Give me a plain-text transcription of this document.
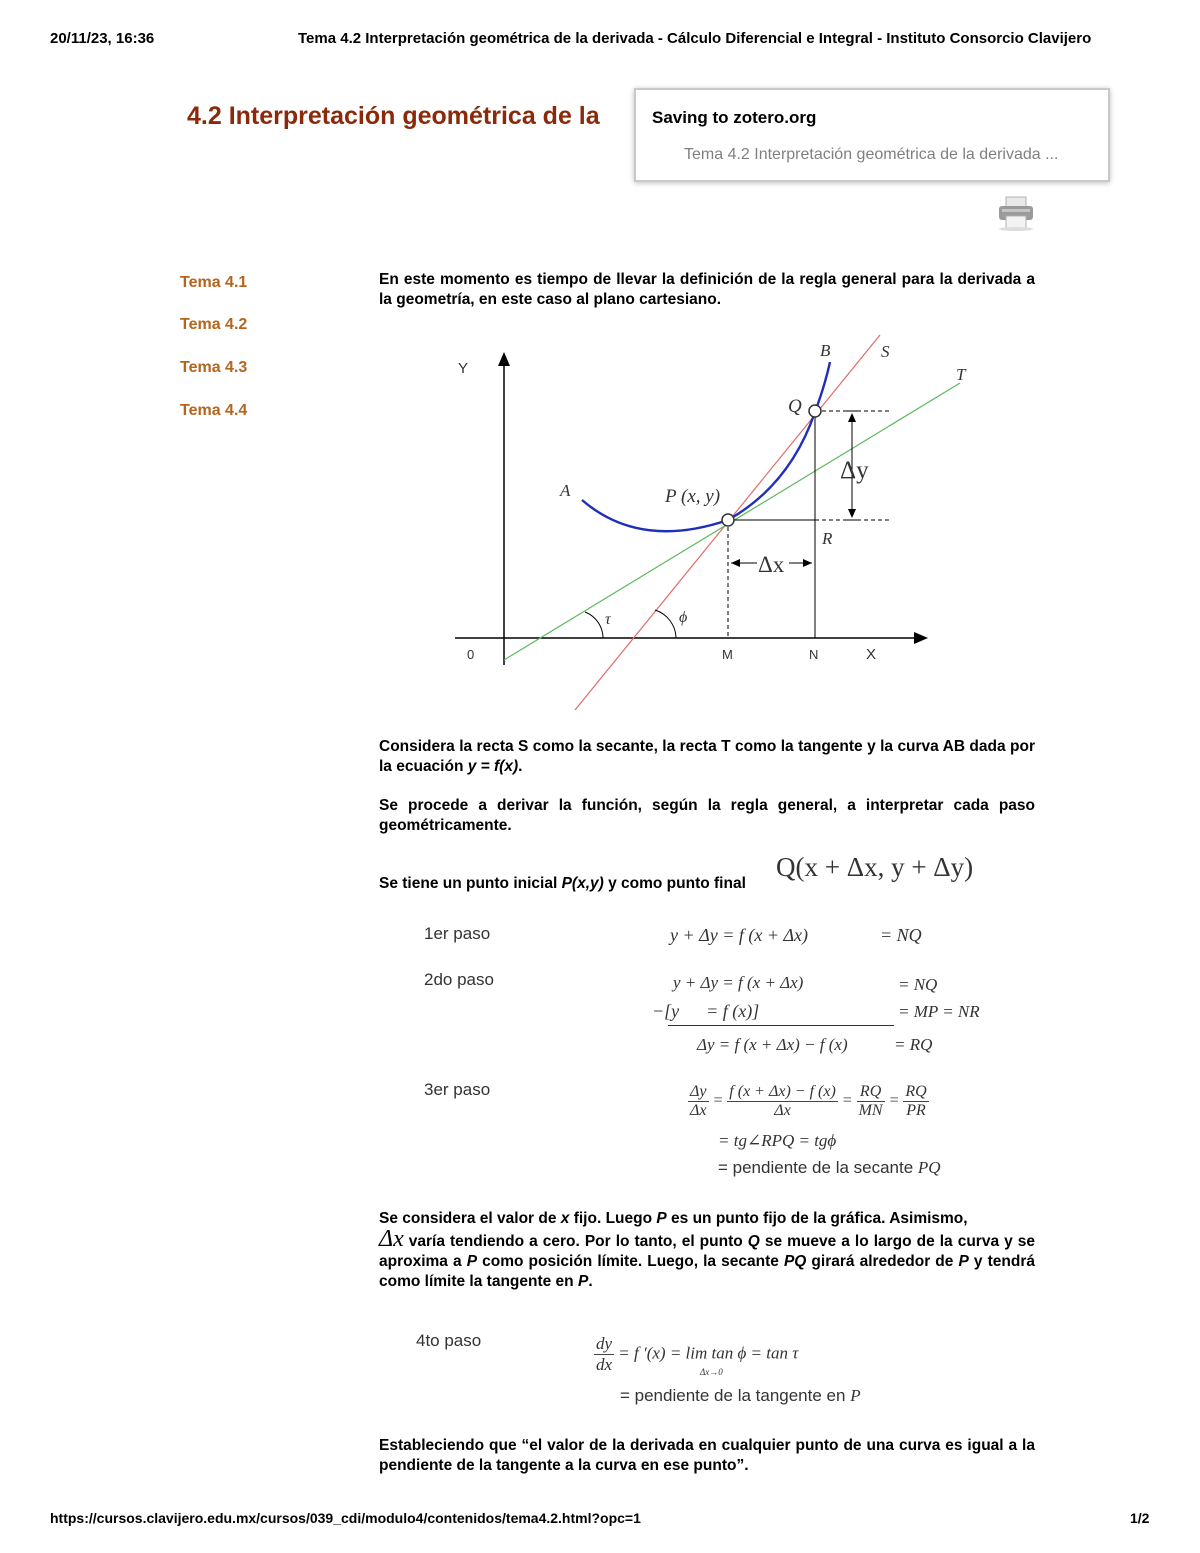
20/11/23, 16:36	Tema 4.2 Interpretación geométrica de la derivada - Cálculo Diferencial e Integral - Instituto Consorcio Clavijero
4.2 Interpretación geométrica de la	Saving to zotero.org
Tema 4.2 Interpretación geométrica de la derivada ...
Tema 4.1
Tema 4.2
Tema 4.3
Tema 4.4
En este momento es tiempo de llevar la definición de la regla general para la derivada a la geometría, en este caso al plano cartesiano.
Y
X
0	M	N
A
B	S
T
Q
R
P (x, y)
τ	ϕ
Δy
Δx
Considera la recta S como la secante, la recta T como la tangente y la curva AB dada por la ecuación y = f(x).
Se procede a derivar la función, según la regla general, a interpretar cada paso geométricamente.
Se tiene un punto inicial P(x,y) y como punto final
Q(x + Δx, y + Δy)
1er paso	y + Δy = f (x + Δx)	= NQ
2do paso	y + Δy = f (x + Δx)	= NQ
−[y      = f (x)]	= MP = NR
Δy = f (x + Δx) − f (x)	= RQ
3er paso	$\frac{\Delta y}{\Delta x} = \frac{f (x + \Delta x) - f (x)}{\Delta x} = \frac{RQ}{MN} = \frac{RQ}{PR}$
= tg∠RPQ = tgϕ
= pendiente de la secante PQ
Se considera el valor de x fijo. Luego P es un punto fijo de la gráfica. Asimismo,
Δx varía tendiendo a cero. Por lo tanto, el punto Q se mueve a lo largo de la curva y se aproxima a P como posición límite. Luego, la secante PQ girará alrededor de P y tendrá como límite la tangente en P.
4to paso	$\frac{dy}{dx} = f$ ′(x) = lim tan ϕ = tan τ
Δx→0
= pendiente de la tangente en P
Estableciendo que “el valor de la derivada en cualquier punto de una curva es igual a la pendiente de la tangente a la curva en ese punto”.
https://cursos.clavijero.edu.mx/cursos/039_cdi/modulo4/contenidos/tema4.2.html?opc=1	1/2
